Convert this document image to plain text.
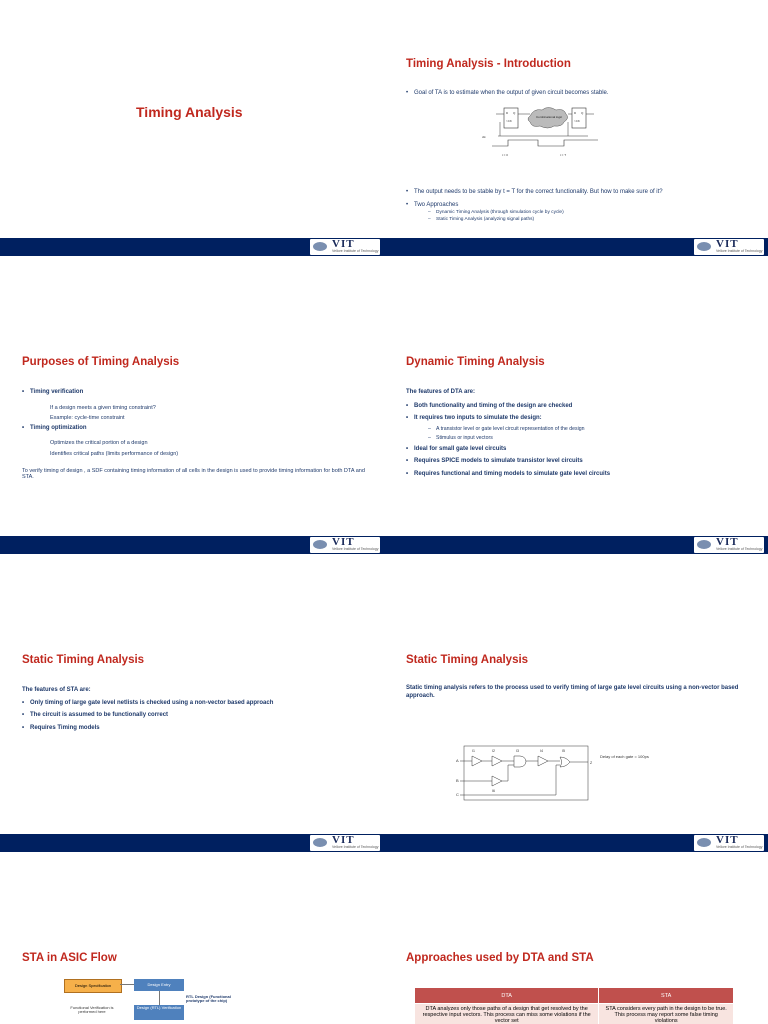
Timing Analysis
VIT
Vellore Institute of Technology
Timing Analysis - Introduction
• Goal of TA is to estimate when the output of given circuit becomes stable.
D Q
>CK
Combinational logic
D Q
>CK
clk
t = 0	t = T
• The output needs to be stable by t = T for the correct functionality. But how to make sure of it?
• Two Approaches
– Dynamic Timing Analysis (through simulation cycle by cycle)
– Static Timing Analysis (analyzing signal paths)
VIT
Vellore Institute of Technology
Purposes of Timing Analysis
• Timing verification
If a design meets a given timing constraint?
Example: cycle-time constraint
• Timing optimization
Optimizes the critical portion of a design
Identifies critical paths (limits performance of design)
To verify timing of design , a SDF containing timing information of all cells in the design is used to provide timing information for both DTA and STA.
VIT
Vellore Institute of Technology
Dynamic Timing Analysis
The features of DTA are:
• Both functionality and timing of the design are checked
• It requires two inputs to simulate the design:
– A transistor level or gate level circuit representation of the design
– Stimulus or input vectors
• Ideal for small gate level circuits
• Requires SPICE models to simulate transistor level circuits
• Requires functional and timing models to simulate gate level circuits
VIT
Vellore Institute of Technology
Static Timing Analysis
The features of STA are:
• Only timing of large gate level netlists is checked using a non-vector based approach
• The circuit is assumed to be functionally correct
• Requires Timing models
VIT
Vellore Institute of Technology
Static Timing Analysis
Static timing analysis refers to the process used to verify timing of large gate level circuits using a non-vector based approach.
A
B
C
I1	I2	I3	I4	I5
Z
I6
Delay of each gate = 100ps
VIT
Vellore Institute of Technology
STA in ASIC Flow
Design Specification	Design Entry
Design (RTL) Verification
Functional Verification is performed here
RTL Design (Functional prototype of the chip)
Approaches used by DTA and STA
DTA	STA
DTA analyzes only those paths of a design that get resolved by the respective input vectors. This process can miss some violations if the vector set	STA considers every path in the design to be true. This process may report some false timing violations
